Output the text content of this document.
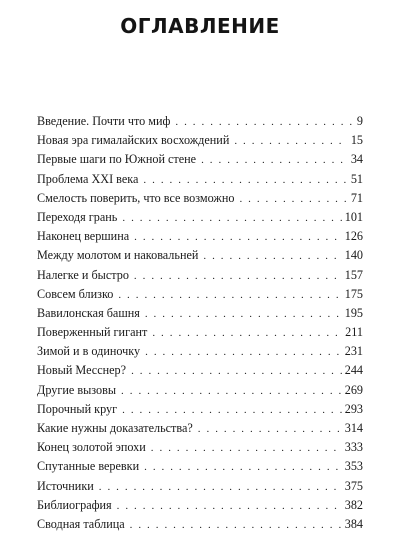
ОГЛАВЛЕНИЕ
Введение. Почти что миф . . .	9
Новая эра гималайских восхождений . . .	15
Первые шаги по Южной стене . . .	34
Проблема XXI века . . .	51
Смелость поверить, что все возможно . . .	71
Переходя грань . . .	101
Наконец вершина . . .	126
Между молотом и наковальней . . .	140
Налегке и быстро . . .	157
Совсем близко . . .	175
Вавилонская башня . . .	195
Поверженный гигант . . .	211
Зимой и в одиночку . . .	231
Новый Месснер? . . .	244
Другие вызовы . . .	269
Порочный круг . . .	293
Какие нужны доказательства? . . .	314
Конец золотой эпохи . . .	333
Спутанные веревки . . .	353
Источники . . .	375
Библиография . . .	382
Сводная таблица . . .	384
